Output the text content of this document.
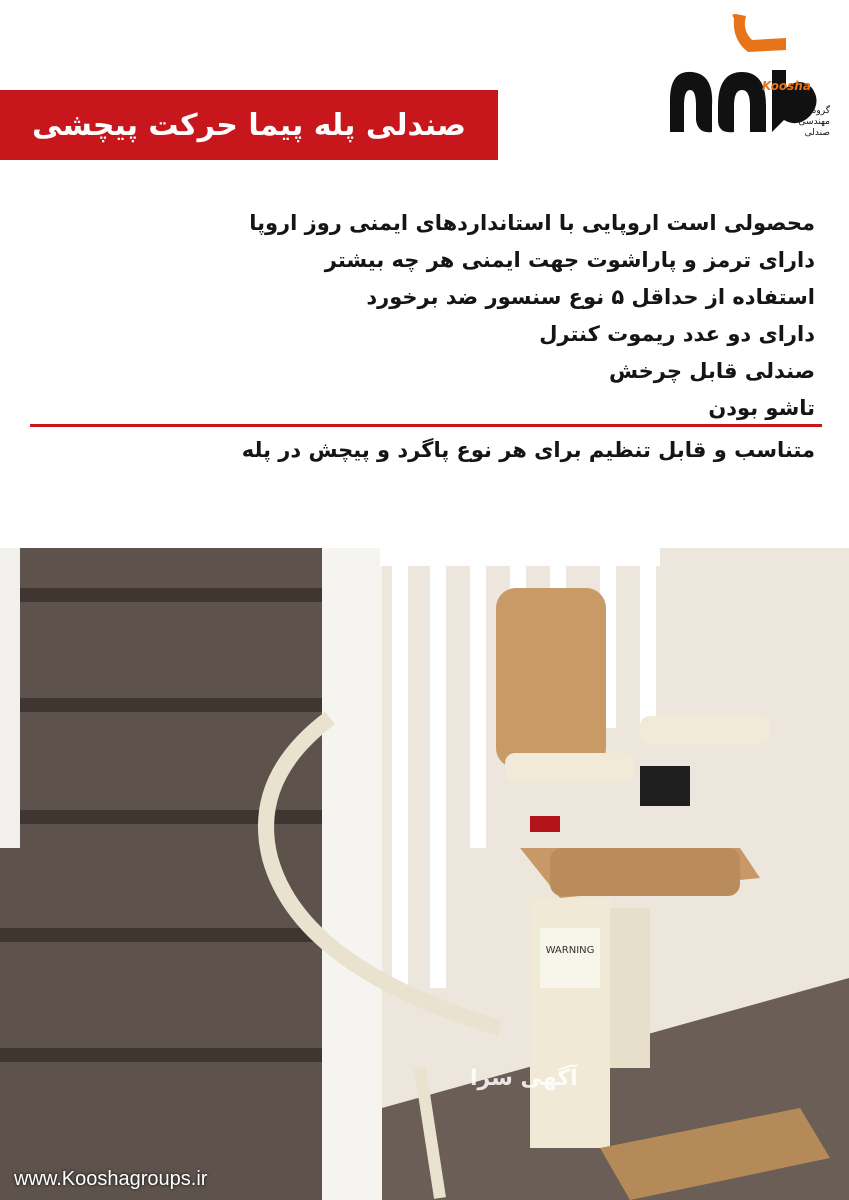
Koosha
گروه فنی مهندسی صندلی
صندلی پله پیما حرکت پیچشی
محصولی است اروپایی با استانداردهای ایمنی روز اروپا
دارای ترمز و پاراشوت جهت ایمنی هر چه بیشتر
استفاده از حداقل ۵ نوع سنسور ضد برخورد
دارای دو عدد ریموت کنترل
صندلی قابل چرخش
تاشو بودن
متناسب و قابل تنظیم برای هر نوع پاگرد و پیچش در پله
WARNING
آگهی سرا
www.Kooshagroups.ir
